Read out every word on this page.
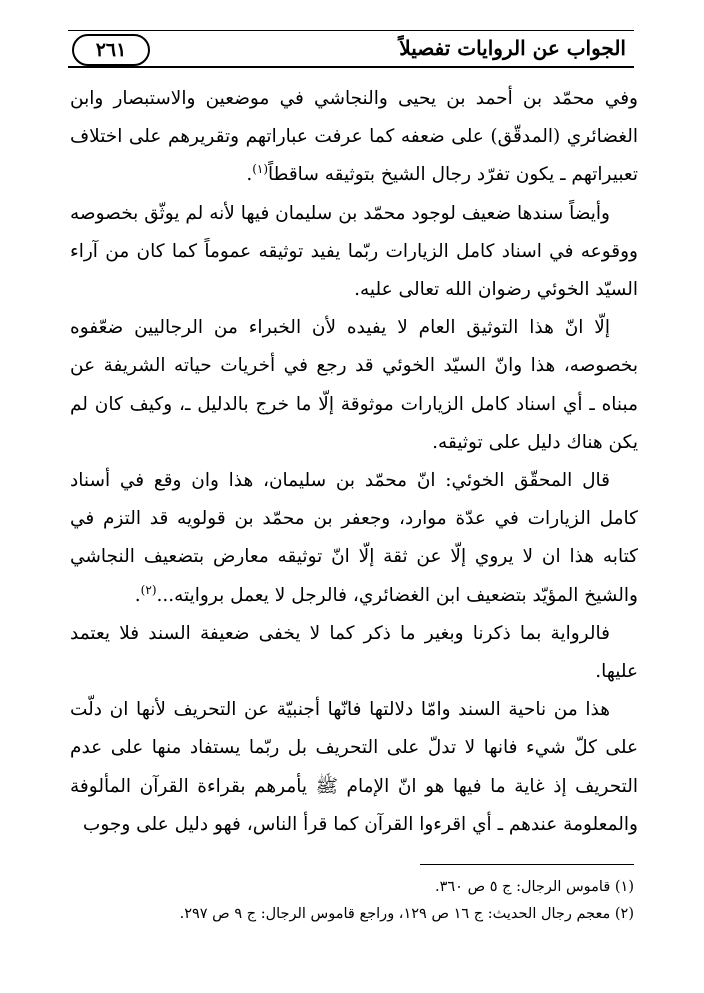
الجواب عن الروايات تفصيلاً
٢٦١

وفي محمّد بن أحمد بن يحيى والنجاشي في موضعين والاستبصار وابن الغضائري (المدقّق) على ضعفه كما عرفت عباراتهم وتقريرهم على اختلاف تعبيراتهم ـ يكون تفرّد رجال الشيخ بتوثيقه ساقطاً$^{(١)}$.

وأيضاً سندها ضعيف لوجود محمّد بن سليمان فيها لأنه لم يوثّق بخصوصه ووقوعه في اسناد كامل الزيارات ربّما يفيد توثيقه عموماً كما كان من آراء السيّد الخوئي رضوان الله تعالى عليه.

إلّا انّ هذا التوثيق العام لا يفيده لأن الخبراء من الرجاليين ضعّفوه بخصوصه، هذا وانّ السيّد الخوئي قد رجع في أخريات حياته الشريفة عن مبناه ـ أي اسناد كامل الزيارات موثوقة إلّا ما خرج بالدليل ـ، وكيف كان لم يكن هناك دليل على توثيقه.

قال المحقّق الخوئي: انّ محمّد بن سليمان، هذا وان وقع في أسناد كامل الزيارات في عدّة موارد، وجعفر بن محمّد بن قولويه قد التزم في كتابه هذا ان لا يروي إلّا عن ثقة إلّا انّ توثيقه معارض بتضعيف النجاشي والشيخ المؤيّد بتضعيف ابن الغضائري، فالرجل لا يعمل بروايته...$^{(٢)}$.

فالرواية بما ذكرنا وبغير ما ذكر كما لا يخفى ضعيفة السند فلا يعتمد عليها.

هذا من ناحية السند وامّا دلالتها فانّها أجنبيّة عن التحريف لأنها ان دلّت على كلّ شيء فانها لا تدلّ على التحريف بل ربّما يستفاد منها على عدم التحريف إذ غاية ما فيها هو انّ الإمام ﷺ يأمرهم بقراءة القرآن المألوفة والمعلومة عندهم ـ أي اقرءوا القرآن كما قرأ الناس، فهو دليل على وجوب

(١) قاموس الرجال: ج ٥ ص ٣٦٠.

(٢) معجم رجال الحديث: ج ١٦ ص ١٢٩، وراجع قاموس الرجال: ج ٩ ص ٢٩٧.
